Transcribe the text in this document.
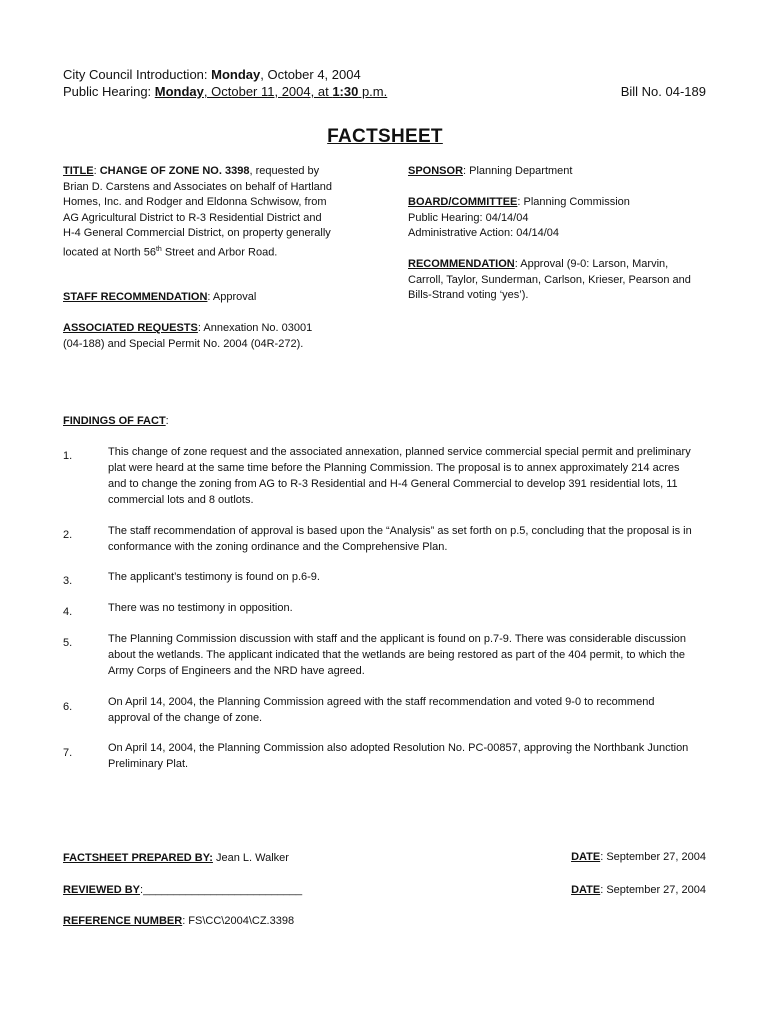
City Council Introduction: Monday, October 4, 2004
Public Hearing: Monday, October 11, 2004, at 1:30 p.m.	Bill No. 04-189
FACTSHEET
TITLE: CHANGE OF ZONE NO. 3398, requested by Brian D. Carstens and Associates on behalf of Hartland Homes, Inc. and Rodger and Eldonna Schwisow, from AG Agricultural District to R-3 Residential District and H-4 General Commercial District, on property generally located at North 56th Street and Arbor Road.
STAFF RECOMMENDATION: Approval
ASSOCIATED REQUESTS: Annexation No. 03001 (04-188) and Special Permit No. 2004 (04R-272).
SPONSOR: Planning Department
BOARD/COMMITTEE: Planning Commission
Public Hearing: 04/14/04
Administrative Action: 04/14/04
RECOMMENDATION: Approval (9-0: Larson, Marvin, Carroll, Taylor, Sunderman, Carlson, Krieser, Pearson and Bills-Strand voting ‘yes’).
FINDINGS OF FACT:
1.	This change of zone request and the associated annexation, planned service commercial special permit and preliminary plat were heard at the same time before the Planning Commission. The proposal is to annex approximately 214 acres and to change the zoning from AG to R-3 Residential and H-4 General Commercial to develop 391 residential lots, 11 commercial lots and 8 outlots.
2.	The staff recommendation of approval is based upon the “Analysis” as set forth on p.5, concluding that the proposal is in conformance with the zoning ordinance and the Comprehensive Plan.
3.	The applicant’s testimony is found on p.6-9.
4.	There was no testimony in opposition.
5.	The Planning Commission discussion with staff and the applicant is found on p.7-9. There was considerable discussion about the wetlands. The applicant indicated that the wetlands are being restored as part of the 404 permit, to which the Army Corps of Engineers and the NRD have agreed.
6.	On April 14, 2004, the Planning Commission agreed with the staff recommendation and voted 9-0 to recommend approval of the change of zone.
7.	On April 14, 2004, the Planning Commission also adopted Resolution No. PC-00857, approving the Northbank Junction Preliminary Plat.
FACTSHEET PREPARED BY: Jean L. Walker	DATE: September 27, 2004
REVIEWED BY:__________________________	DATE: September 27, 2004
REFERENCE NUMBER: FS\CC\2004\CZ.3398
